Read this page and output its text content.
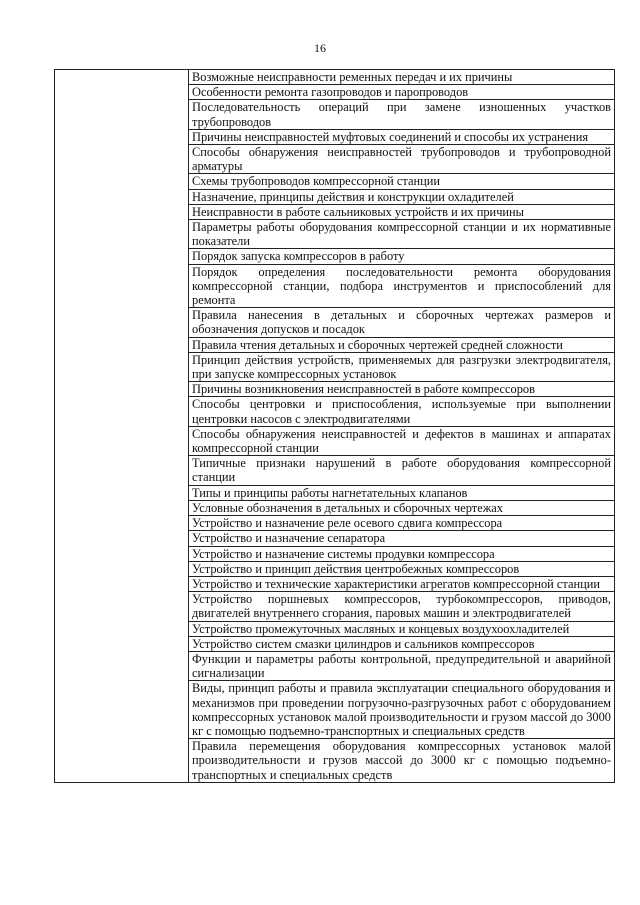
16
	Возможные неисправности ременных передач и их причины
Особенности ремонта газопроводов и паропроводов
Последовательность операций при замене изношенных участков трубопроводов
Причины неисправностей муфтовых соединений и способы их устранения
Способы обнаружения неисправностей трубопроводов и трубопроводной арматуры
Схемы трубопроводов компрессорной станции
Назначение, принципы действия и конструкции охладителей
Неисправности в работе сальниковых устройств и их причины
Параметры работы оборудования компрессорной станции и их нормативные показатели
Порядок запуска компрессоров в работу
Порядок определения последовательности ремонта оборудования компрессорной станции, подбора инструментов и приспособлений для ремонта
Правила нанесения в детальных и сборочных чертежах размеров и обозначения допусков и посадок
Правила чтения детальных и сборочных чертежей средней сложности
Принцип действия устройств, применяемых для разгрузки электродвигателя, при запуске компрессорных установок
Причины возникновения неисправностей в работе компрессоров
Способы центровки и приспособления, используемые при выполнении центровки насосов с электродвигателями
Способы обнаружения неисправностей и дефектов в машинах и аппаратах компрессорной станции
Типичные признаки нарушений в работе оборудования компрессорной станции
Типы и принципы работы нагнетательных клапанов
Условные обозначения в детальных и сборочных чертежах
Устройство и назначение реле осевого сдвига компрессора
Устройство и назначение сепаратора
Устройство и назначение системы продувки компрессора
Устройство и принцип действия центробежных компрессоров
Устройство и технические характеристики агрегатов компрессорной станции
Устройство поршневых компрессоров, турбокомпрессоров, приводов, двигателей внутреннего сгорания, паровых машин и электродвигателей
Устройство промежуточных масляных и концевых воздухоохладителей
Устройство систем смазки цилиндров и сальников компрессоров
Функции и параметры работы контрольной, предупредительной и аварийной сигнализации
Виды, принцип работы и правила эксплуатации специального оборудования и механизмов при проведении погрузочно-разгрузочных работ с оборудованием компрессорных установок малой производительности и грузом массой до 3000 кг с помощью подъемно-транспортных и специальных средств
Правила перемещения оборудования компрессорных установок малой производительности и грузов массой до 3000 кг с помощью подъемно-транспортных и специальных средств
